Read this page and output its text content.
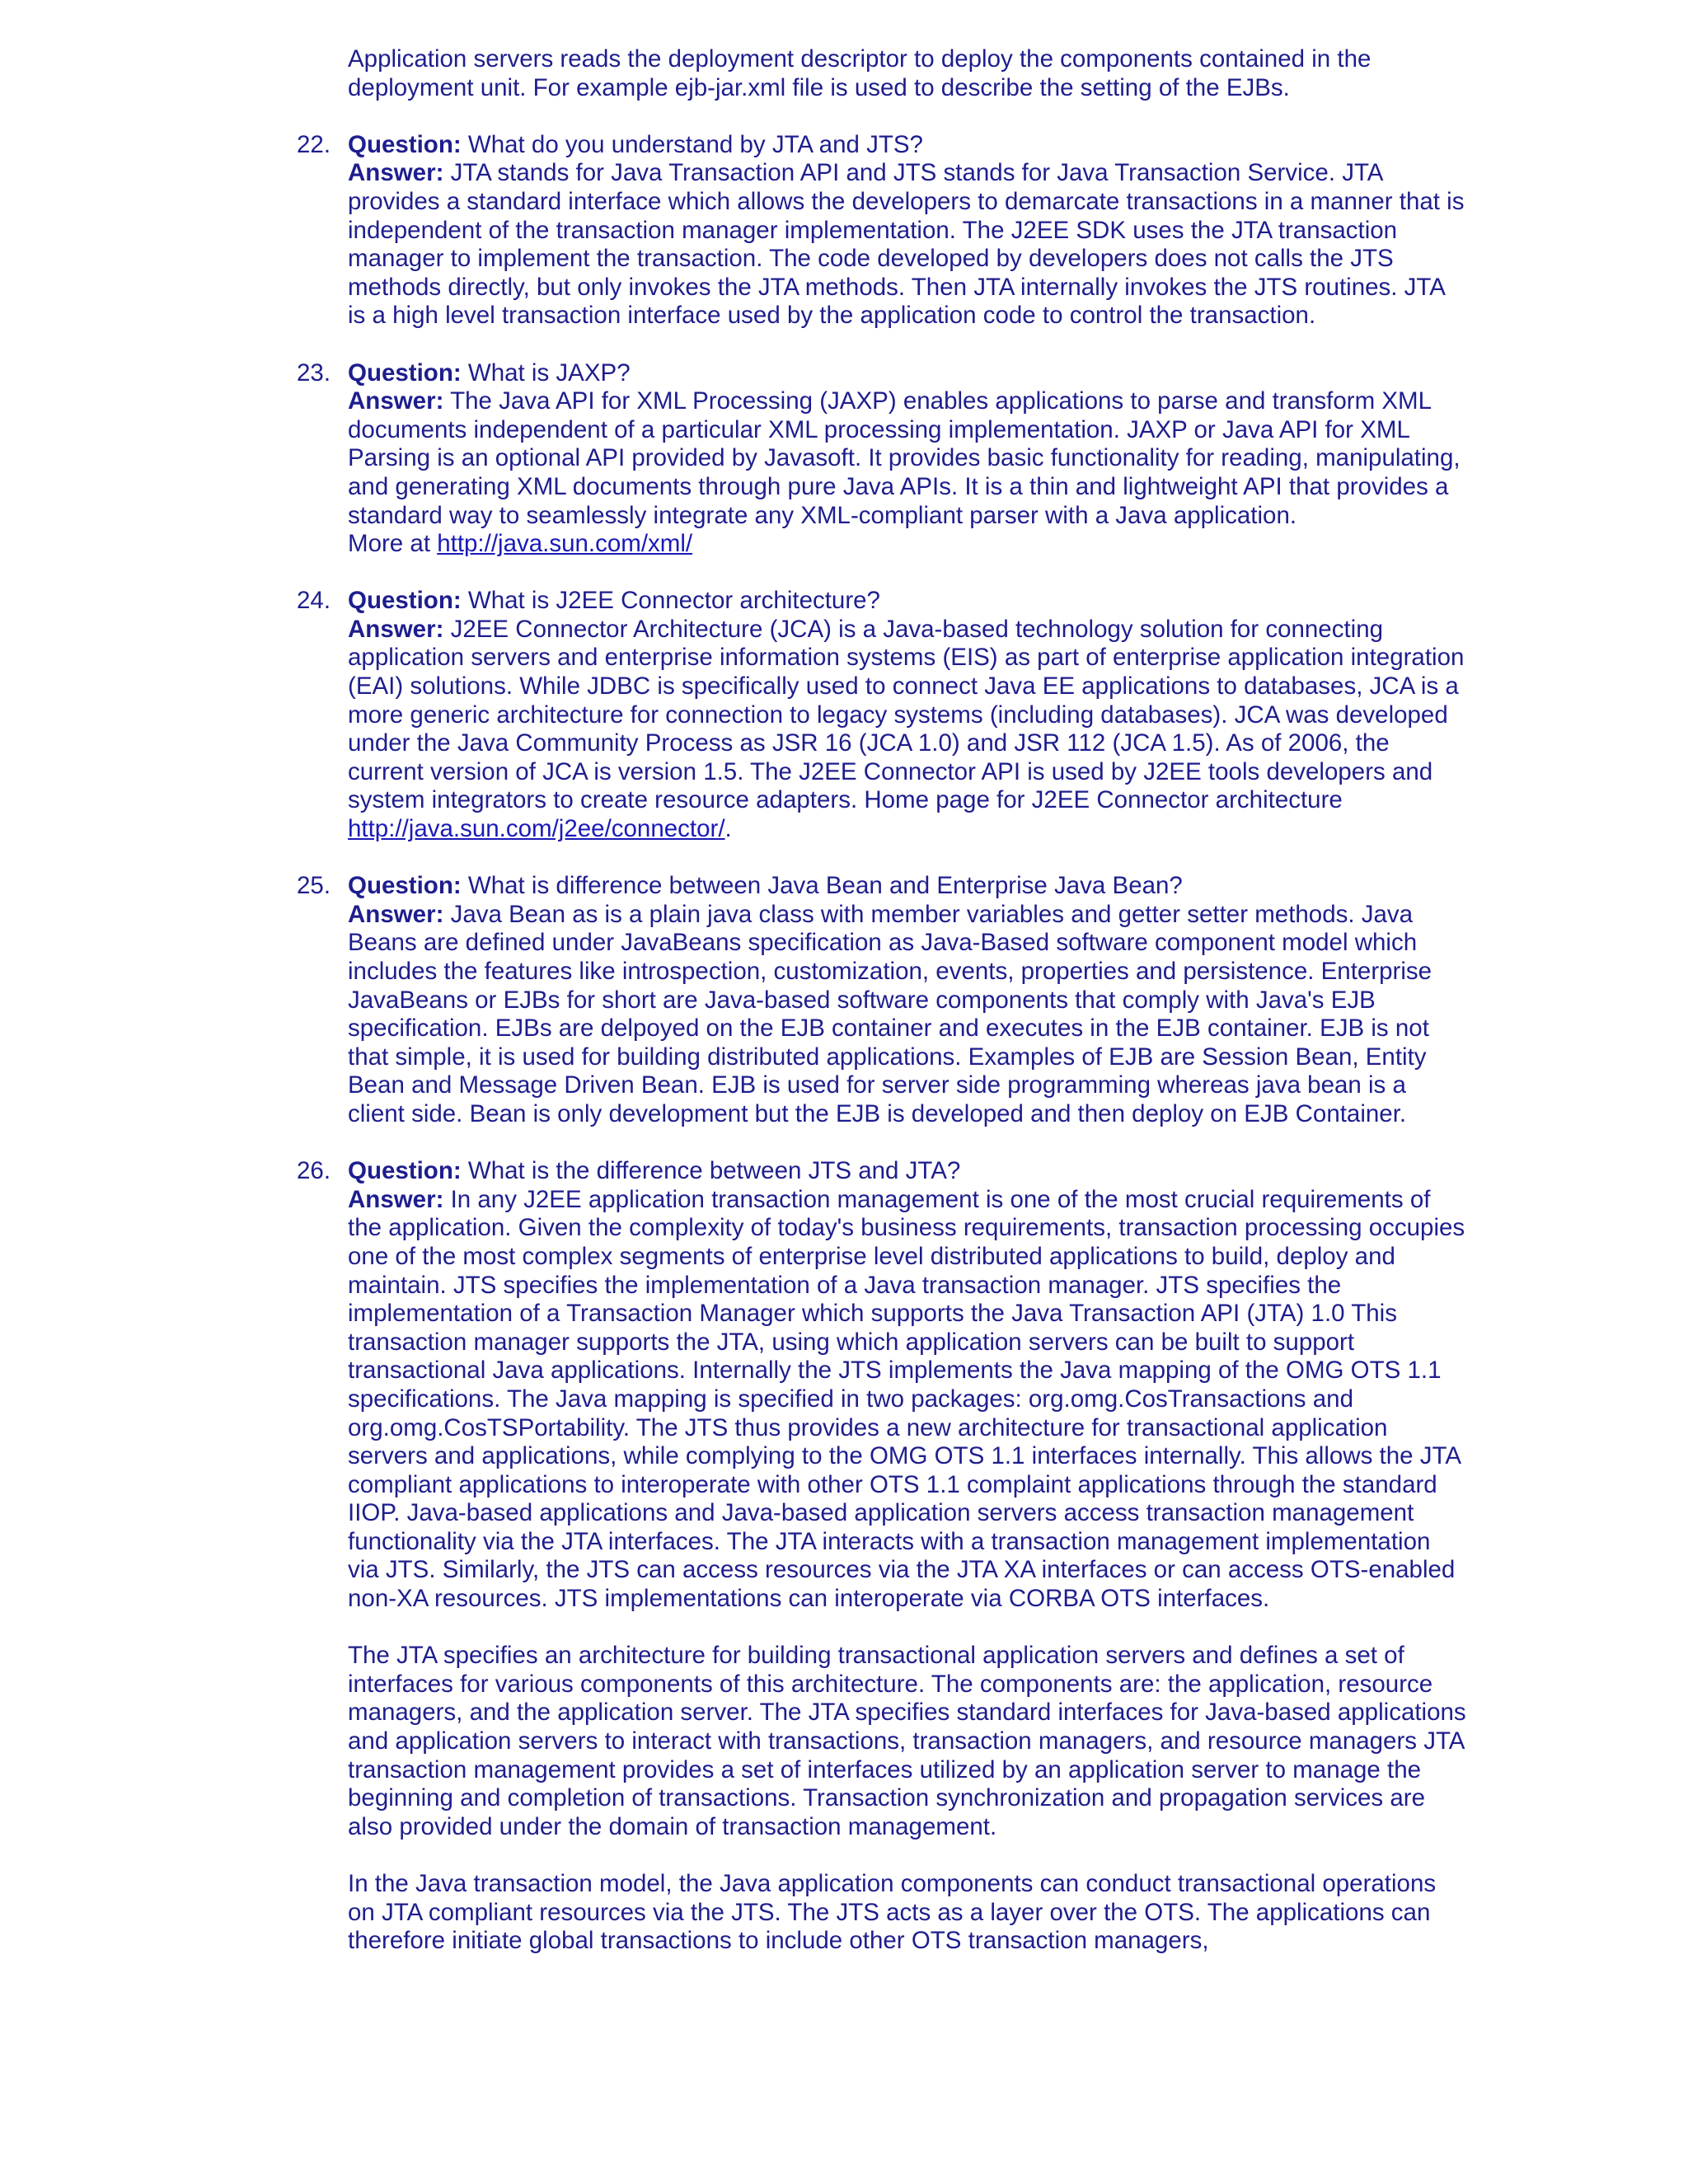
Application servers reads the deployment descriptor to deploy the components contained in the deployment unit. For example ejb-jar.xml file is used to describe the setting of the EJBs.

22. Question: What do you understand by JTA and JTS?

Answer: JTA stands for Java Transaction API and JTS stands for Java Transaction Service. JTA provides a standard interface which allows the developers to demarcate transactions in a manner that is independent of the transaction manager implementation. The J2EE SDK uses the JTA transaction manager to implement the transaction. The code developed by developers does not calls the JTS methods directly, but only invokes the JTA methods. Then JTA internally invokes the JTS routines. JTA is a high level transaction interface used by the application code to control the transaction.

23. Question: What is JAXP?

Answer: The Java API for XML Processing (JAXP) enables applications to parse and transform XML documents independent of a particular XML processing implementation. JAXP or Java API for XML Parsing is an optional API provided by Javasoft. It provides basic functionality for reading, manipulating, and generating XML documents through pure Java APIs. It is a thin and lightweight API that provides a standard way to seamlessly integrate any XML-compliant parser with a Java application.

More at http://java.sun.com/xml/

24. Question: What is J2EE Connector architecture?

Answer: J2EE Connector Architecture (JCA) is a Java-based technology solution for connecting application servers and enterprise information systems (EIS) as part of enterprise application integration (EAI) solutions. While JDBC is specifically used to connect Java EE applications to databases, JCA is a more generic architecture for connection to legacy systems (including databases). JCA was developed under the Java Community Process as JSR 16 (JCA 1.0) and JSR 112 (JCA 1.5). As of 2006, the current version of JCA is version 1.5. The J2EE Connector API is used by J2EE tools developers and system integrators to create resource adapters. Home page for J2EE Connector architecture http://java.sun.com/j2ee/connector/.

25. Question: What is difference between Java Bean and Enterprise Java Bean?

Answer: Java Bean as is a plain java class with member variables and getter setter methods. Java Beans are defined under JavaBeans specification as Java-Based software component model which includes the features like introspection, customization, events, properties and persistence. Enterprise JavaBeans or EJBs for short are Java-based software components that comply with Java's EJB specification. EJBs are delpoyed on the EJB container and executes in the EJB container. EJB is not that simple, it is used for building distributed applications. Examples of EJB are Session Bean, Entity Bean and Message Driven Bean. EJB is used for server side programming whereas java bean is a client side. Bean is only development but the EJB is developed and then deploy on EJB Container.

26. Question: What is the difference between JTS and JTA?

Answer: In any J2EE application transaction management is one of the most crucial requirements of the application. Given the complexity of today's business requirements, transaction processing occupies one of the most complex segments of enterprise level distributed applications to build, deploy and maintain. JTS specifies the implementation of a Java transaction manager. JTS specifies the implementation of a Transaction Manager which supports the Java Transaction API (JTA) 1.0 This transaction manager supports the JTA, using which application servers can be built to support transactional Java applications. Internally the JTS implements the Java mapping of the OMG OTS 1.1 specifications. The Java mapping is specified in two packages: org.omg.CosTransactions and org.omg.CosTSPortability. The JTS thus provides a new architecture for transactional application servers and applications, while complying to the OMG OTS 1.1 interfaces internally. This allows the JTA compliant applications to interoperate with other OTS 1.1 complaint applications through the standard IIOP. Java-based applications and Java-based application servers access transaction management functionality via the JTA interfaces. The JTA interacts with a transaction management implementation via JTS. Similarly, the JTS can access resources via the JTA XA interfaces or can access OTS-enabled non-XA resources. JTS implementations can interoperate via CORBA OTS interfaces.

The JTA specifies an architecture for building transactional application servers and defines a set of interfaces for various components of this architecture. The components are: the application, resource managers, and the application server. The JTA specifies standard interfaces for Java-based applications and application servers to interact with transactions, transaction managers, and resource managers JTA transaction management provides a set of interfaces utilized by an application server to manage the beginning and completion of transactions. Transaction synchronization and propagation services are also provided under the domain of transaction management.

In the Java transaction model, the Java application components can conduct transactional operations on JTA compliant resources via the JTS. The JTS acts as a layer over the OTS. The applications can therefore initiate global transactions to include other OTS transaction managers,
